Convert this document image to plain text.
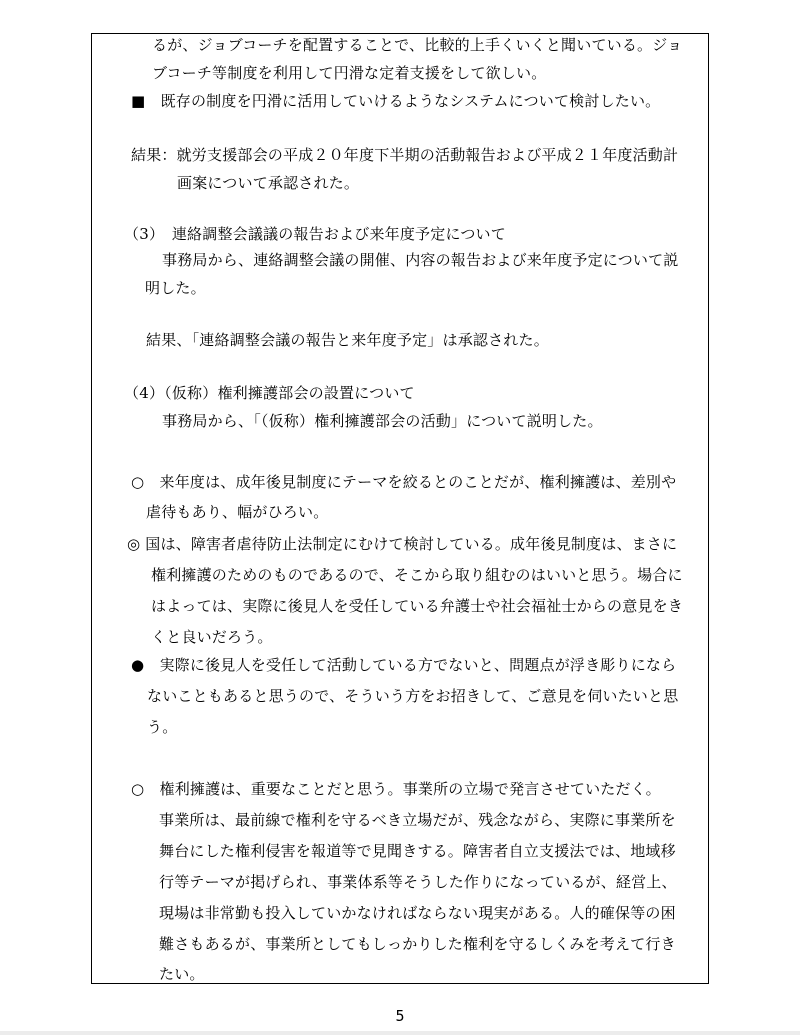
るが、ジョブコーチを配置することで、比較的上手くいくと聞いている。ジョ
ブコーチ等制度を利用して円滑な定着支援をして欲しい。
■　既存の制度を円滑に活用していけるようなシステムについて検討したい。
結果：就労支援部会の平成２０年度下半期の活動報告および平成２１年度活動計
画案について承認された。
（3）　連絡調整会議議の報告および来年度予定について
事務局から、連絡調整会議の開催、内容の報告および来年度予定について説
明した。
結果、「連絡調整会議の報告と来年度予定」は承認された。
（4）（仮称）権利擁護部会の設置について
事務局から、「（仮称）権利擁護部会の活動」について説明した。
○　来年度は、成年後見制度にテーマを絞るとのことだが、権利擁護は、差別や
虐待もあり、幅がひろい。
◎ 国は、障害者虐待防止法制定にむけて検討している。成年後見制度は、まさに
権利擁護のためのものであるので、そこから取り組むのはいいと思う。場合に
はよっては、実際に後見人を受任している弁護士や社会福祉士からの意見をき
くと良いだろう。
●　実際に後見人を受任して活動している方でないと、問題点が浮き彫りになら
ないこともあると思うので、そういう方をお招きして、ご意見を伺いたいと思
う。
○　権利擁護は、重要なことだと思う。事業所の立場で発言させていただく。
事業所は、最前線で権利を守るべき立場だが、残念ながら、実際に事業所を
舞台にした権利侵害を報道等で見聞きする。障害者自立支援法では、地域移
行等テーマが掲げられ、事業体系等そうした作りになっているが、経営上、
現場は非常勤も投入していかなければならない現実がある。人的確保等の困
難さもあるが、事業所としてもしっかりした権利を守るしくみを考えて行き
たい。
5
